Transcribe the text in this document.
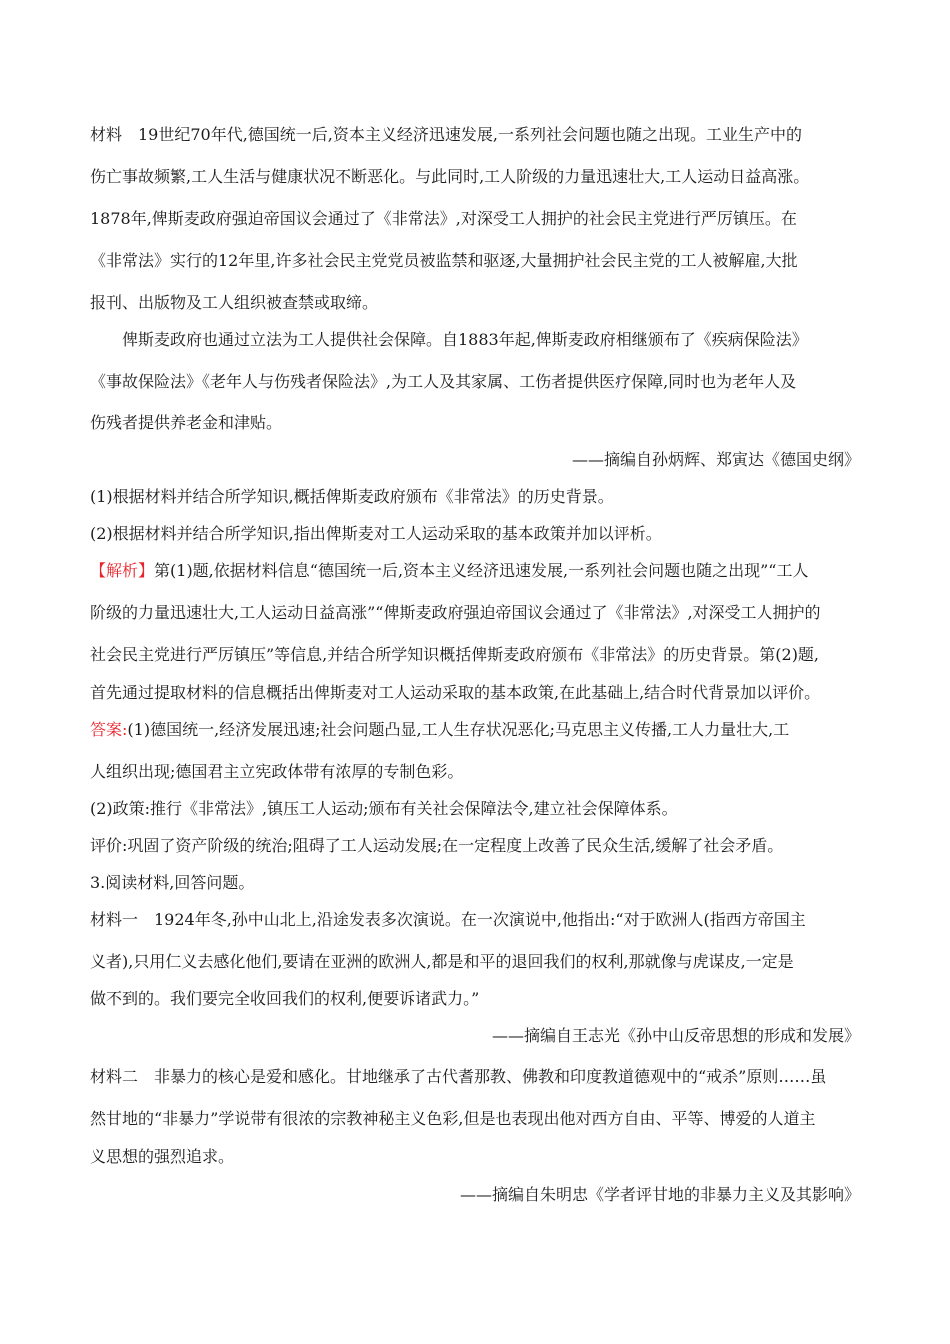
材料　19世纪70年代,德国统一后,资本主义经济迅速发展,一系列社会问题也随之出现。工业生产中的
伤亡事故频繁,工人生活与健康状况不断恶化。与此同时,工人阶级的力量迅速壮大,工人运动日益高涨。
1878年,俾斯麦政府强迫帝国议会通过了《非常法》,对深受工人拥护的社会民主党进行严厉镇压。在
《非常法》实行的12年里,许多社会民主党党员被监禁和驱逐,大量拥护社会民主党的工人被解雇,大批
报刊、出版物及工人组织被查禁或取缔。
俾斯麦政府也通过立法为工人提供社会保障。自1883年起,俾斯麦政府相继颁布了《疾病保险法》
《事故保险法》《老年人与伤残者保险法》,为工人及其家属、工伤者提供医疗保障,同时也为老年人及
伤残者提供养老金和津贴。
——摘编自孙炳辉、郑寅达《德国史纲》
(1)根据材料并结合所学知识,概括俾斯麦政府颁布《非常法》的历史背景。
(2)根据材料并结合所学知识,指出俾斯麦对工人运动采取的基本政策并加以评析。
【解析】第(1)题,依据材料信息“德国统一后,资本主义经济迅速发展,一系列社会问题也随之出现”“工人
阶级的力量迅速壮大,工人运动日益高涨”“俾斯麦政府强迫帝国议会通过了《非常法》,对深受工人拥护的
社会民主党进行严厉镇压”等信息,并结合所学知识概括俾斯麦政府颁布《非常法》的历史背景。第(2)题,
首先通过提取材料的信息概括出俾斯麦对工人运动采取的基本政策,在此基础上,结合时代背景加以评价。
答案:(1)德国统一,经济发展迅速;社会问题凸显,工人生存状况恶化;马克思主义传播,工人力量壮大,工
人组织出现;德国君主立宪政体带有浓厚的专制色彩。
(2)政策:推行《非常法》,镇压工人运动;颁布有关社会保障法令,建立社会保障体系。
评价:巩固了资产阶级的统治;阻碍了工人运动发展;在一定程度上改善了民众生活,缓解了社会矛盾。
3.阅读材料,回答问题。
材料一　1924年冬,孙中山北上,沿途发表多次演说。在一次演说中,他指出:“对于欧洲人(指西方帝国主
义者),只用仁义去感化他们,要请在亚洲的欧洲人,都是和平的退回我们的权利,那就像与虎谋皮,一定是
做不到的。我们要完全收回我们的权利,便要诉诸武力。”
——摘编自王志光《孙中山反帝思想的形成和发展》
材料二　非暴力的核心是爱和感化。甘地继承了古代耆那教、佛教和印度教道德观中的“戒杀”原则……虽
然甘地的“非暴力”学说带有很浓的宗教神秘主义色彩,但是也表现出他对西方自由、平等、博爱的人道主
义思想的强烈追求。
——摘编自朱明忠《学者评甘地的非暴力主义及其影响》
